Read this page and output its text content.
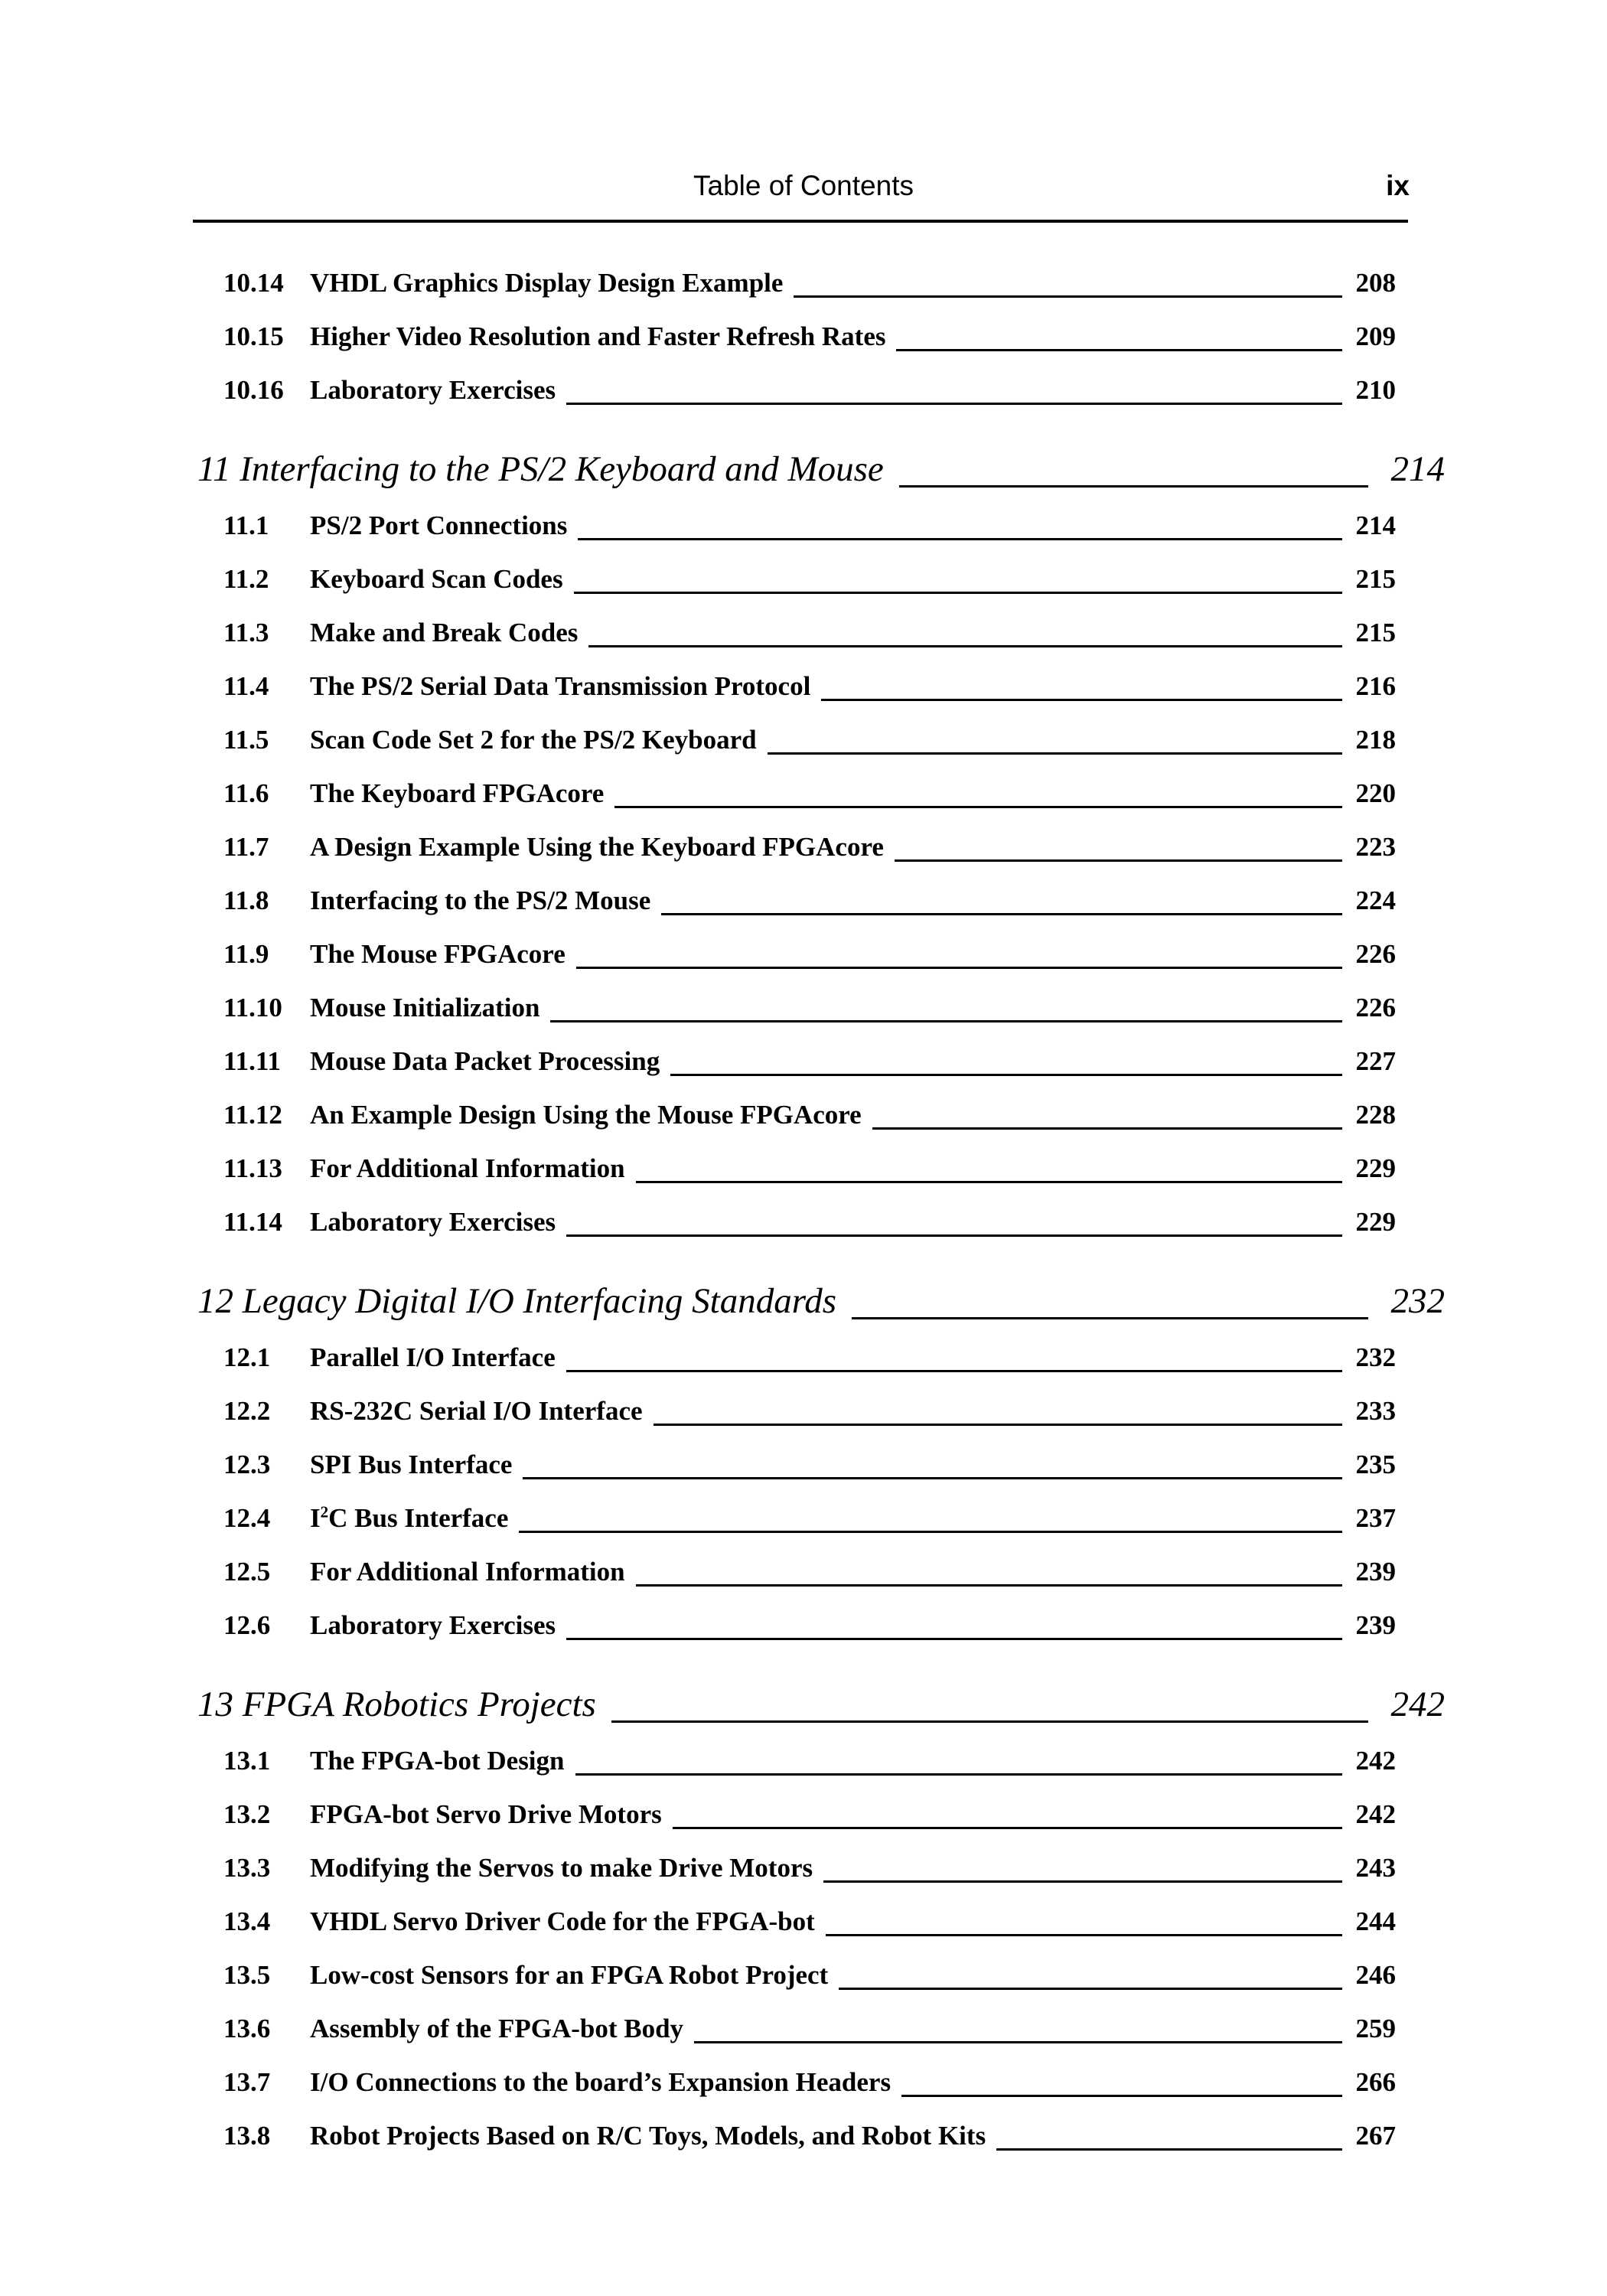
Table of Contents	ix
10.14 VHDL Graphics Display Design Example	208
10.15 Higher Video Resolution and Faster Refresh Rates	209
10.16 Laboratory Exercises	210
11 Interfacing to the PS/2 Keyboard and Mouse	214
11.1 PS/2 Port Connections	214
11.2 Keyboard Scan Codes	215
11.3 Make and Break Codes	215
11.4 The PS/2 Serial Data Transmission Protocol	216
11.5 Scan Code Set 2 for the PS/2 Keyboard	218
11.6 The Keyboard FPGAcore	220
11.7 A Design Example Using the Keyboard FPGAcore	223
11.8 Interfacing to the PS/2 Mouse	224
11.9 The Mouse FPGAcore	226
11.10 Mouse Initialization	226
11.11 Mouse Data Packet Processing	227
11.12 An Example Design Using the Mouse FPGAcore	228
11.13 For Additional Information	229
11.14 Laboratory Exercises	229
12 Legacy Digital I/O Interfacing Standards	232
12.1 Parallel I/O Interface	232
12.2 RS-232C Serial I/O Interface	233
12.3 SPI Bus Interface	235
12.4 $I^2C$ Bus Interface	237
12.5 For Additional Information	239
12.6 Laboratory Exercises	239
13 FPGA Robotics Projects	242
13.1 The FPGA-bot Design	242
13.2 FPGA-bot Servo Drive Motors	242
13.3 Modifying the Servos to make Drive Motors	243
13.4 VHDL Servo Driver Code for the FPGA-bot	244
13.5 Low-cost Sensors for an FPGA Robot Project	246
13.6 Assembly of the FPGA-bot Body	259
13.7 I/O Connections to the board’s Expansion Headers	266
13.8 Robot Projects Based on R/C Toys, Models, and Robot Kits	267
